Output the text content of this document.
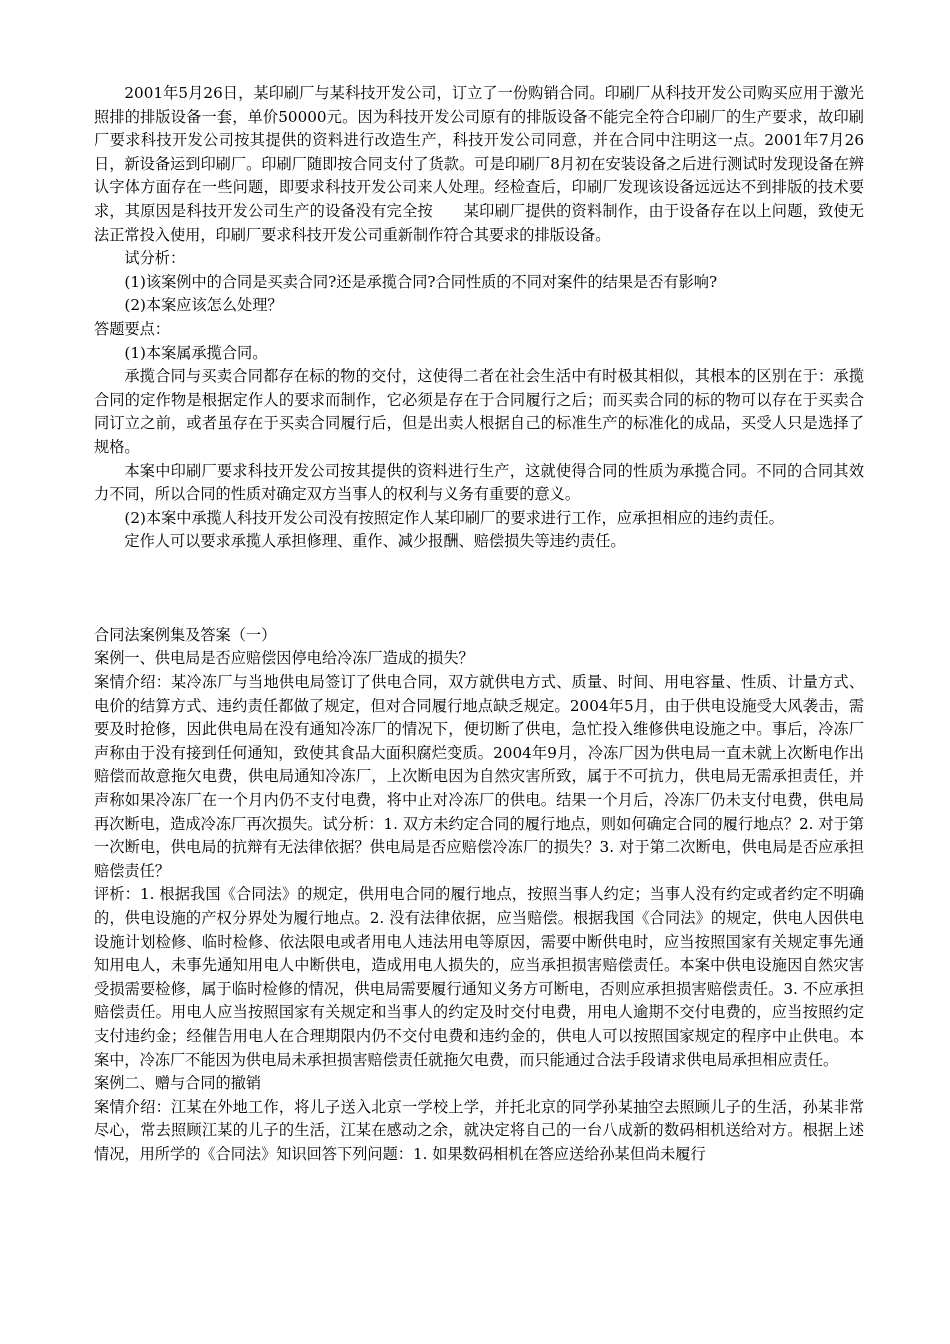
2001年5月26日，某印刷厂与某科技开发公司，订立了一份购销合同。印刷厂从科技开发公司购买应用于激光照排的排版设备一套，单价50000元。因为科技开发公司原有的排版设备不能完全符合印刷厂的生产要求，故印刷厂要求科技开发公司按其提供的资料进行改造生产，科技开发公司同意，并在合同中注明这一点。2001年7月26日，新设备运到印刷厂。印刷厂随即按合同支付了货款。可是印刷厂8月初在安装设备之后进行测试时发现设备在辨认字体方面存在一些问题，即要求科技开发公司来人处理。经检查后，印刷厂发现该设备远远达不到排版的技术要求，其原因是科技开发公司生产的设备没有完全按　　某印刷厂提供的资料制作，由于设备存在以上问题，致使无法正常投入使用，印刷厂要求科技开发公司重新制作符合其要求的排版设备。

试分析：

(1)该案例中的合同是买卖合同?还是承揽合同?合同性质的不同对案件的结果是否有影响?

(2)本案应该怎么处理？

答题要点：

(1)本案属承揽合同。

承揽合同与买卖合同都存在标的物的交付，这使得二者在社会生活中有时极其相似，其根本的区别在于：承揽合同的定作物是根据定作人的要求而制作，它必须是存在于合同履行之后；而买卖合同的标的物可以存在于买卖合同订立之前，或者虽存在于买卖合同履行后，但是出卖人根据自己的标准生产的标准化的成品，买受人只是选择了规格。

本案中印刷厂要求科技开发公司按其提供的资料进行生产，这就使得合同的性质为承揽合同。不同的合同其效力不同，所以合同的性质对确定双方当事人的权利与义务有重要的意义。

(2)本案中承揽人科技开发公司没有按照定作人某印刷厂的要求进行工作，应承担相应的违约责任。

定作人可以要求承揽人承担修理、重作、减少报酬、赔偿损失等违约责任。

合同法案例集及答案（一）

案例一、供电局是否应赔偿因停电给冷冻厂造成的损失？

案情介绍：某冷冻厂与当地供电局签订了供电合同，双方就供电方式、质量、时间、用电容量、性质、计量方式、电价的结算方式、违约责任都做了规定，但对合同履行地点缺乏规定。2004年5月，由于供电设施受大风袭击，需要及时抢修，因此供电局在没有通知冷冻厂的情况下，便切断了供电，急忙投入维修供电设施之中。事后，冷冻厂声称由于没有接到任何通知，致使其食品大面积腐烂变质。2004年9月，冷冻厂因为供电局一直未就上次断电作出赔偿而故意拖欠电费，供电局通知冷冻厂，上次断电因为自然灾害所致，属于不可抗力，供电局无需承担责任，并声称如果冷冻厂在一个月内仍不支付电费，将中止对冷冻厂的供电。结果一个月后，冷冻厂仍未支付电费，供电局再次断电，造成冷冻厂再次损失。试分析：1. 双方未约定合同的履行地点，则如何确定合同的履行地点？2. 对于第一次断电，供电局的抗辩有无法律依据？供电局是否应赔偿冷冻厂的损失？3. 对于第二次断电，供电局是否应承担赔偿责任？

评析：1. 根据我国《合同法》的规定，供用电合同的履行地点，按照当事人约定；当事人没有约定或者约定不明确的，供电设施的产权分界处为履行地点。2. 没有法律依据，应当赔偿。根据我国《合同法》的规定，供电人因供电设施计划检修、临时检修、依法限电或者用电人违法用电等原因，需要中断供电时，应当按照国家有关规定事先通知用电人，未事先通知用电人中断供电，造成用电人损失的，应当承担损害赔偿责任。本案中供电设施因自然灾害受损需要检修，属于临时检修的情况，供电局需要履行通知义务方可断电，否则应承担损害赔偿责任。3. 不应承担赔偿责任。用电人应当按照国家有关规定和当事人的约定及时交付电费，用电人逾期不交付电费的，应当按照约定支付违约金；经催告用电人在合理期限内仍不交付电费和违约金的，供电人可以按照国家规定的程序中止供电。本案中，冷冻厂不能因为供电局未承担损害赔偿责任就拖欠电费，而只能通过合法手段请求供电局承担相应责任。

案例二、赠与合同的撤销

案情介绍：江某在外地工作，将儿子送入北京一学校上学，并托北京的同学孙某抽空去照顾儿子的生活，孙某非常尽心，常去照顾江某的儿子的生活，江某在感动之余，就决定将自己的一台八成新的数码相机送给对方。根据上述情况，用所学的《合同法》知识回答下列问题：1. 如果数码相机在答应送给孙某但尚未履行
